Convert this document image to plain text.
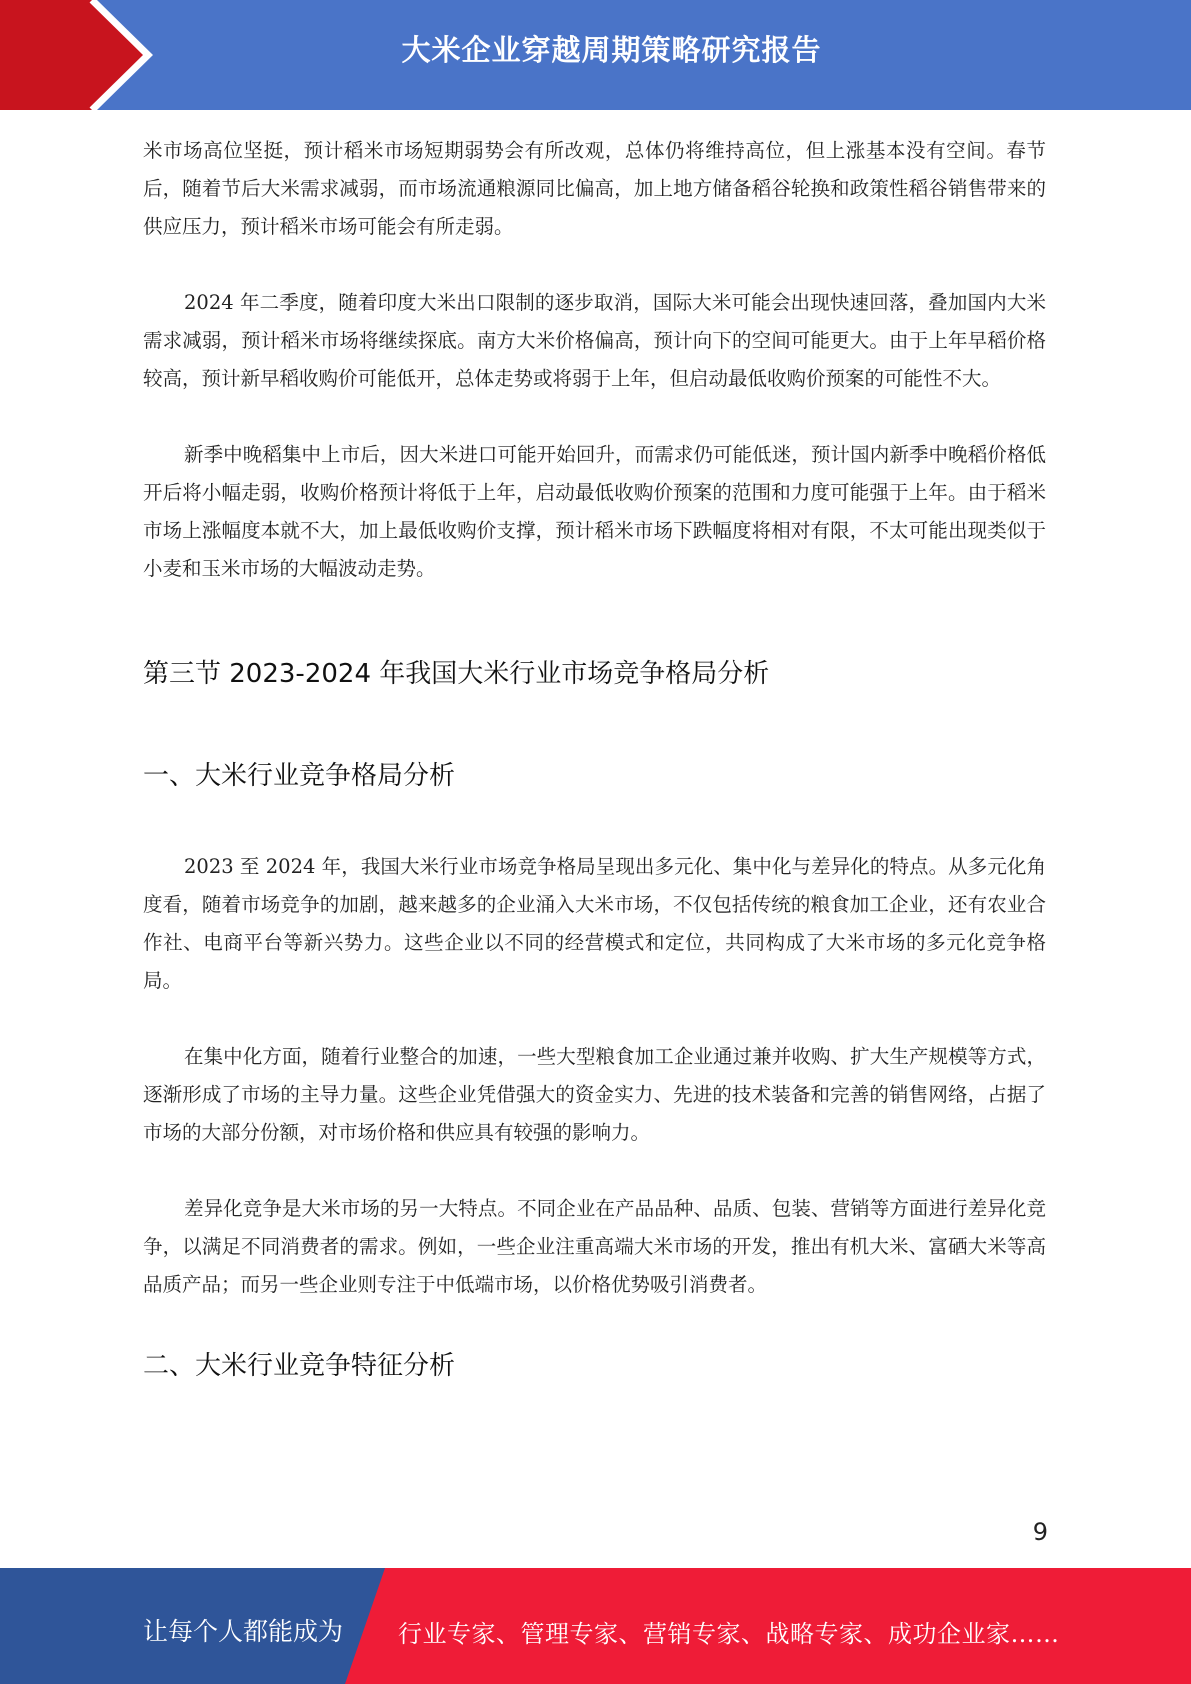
大米企业穿越周期策略研究报告

米市场高位坚挺，预计稻米市场短期弱势会有所改观，总体仍将维持高位，但上涨基本没有空间。春节后，随着节后大米需求减弱，而市场流通粮源同比偏高，加上地方储备稻谷轮换和政策性稻谷销售带来的供应压力，预计稻米市场可能会有所走弱。

2024 年二季度，随着印度大米出口限制的逐步取消，国际大米可能会出现快速回落，叠加国内大米需求减弱，预计稻米市场将继续探底。南方大米价格偏高，预计向下的空间可能更大。由于上年早稻价格较高，预计新早稻收购价可能低开，总体走势或将弱于上年，但启动最低收购价预案的可能性不大。

新季中晚稻集中上市后，因大米进口可能开始回升，而需求仍可能低迷，预计国内新季中晚稻价格低开后将小幅走弱，收购价格预计将低于上年，启动最低收购价预案的范围和力度可能强于上年。由于稻米市场上涨幅度本就不大，加上最低收购价支撑，预计稻米市场下跌幅度将相对有限，不太可能出现类似于小麦和玉米市场的大幅波动走势。

第三节 2023-2024 年我国大米行业市场竞争格局分析
一、大米行业竞争格局分析

2023 至 2024 年，我国大米行业市场竞争格局呈现出多元化、集中化与差异化的特点。从多元化角度看，随着市场竞争的加剧，越来越多的企业涌入大米市场，不仅包括传统的粮食加工企业，还有农业合作社、电商平台等新兴势力。这些企业以不同的经营模式和定位，共同构成了大米市场的多元化竞争格局。

在集中化方面，随着行业整合的加速，一些大型粮食加工企业通过兼并收购、扩大生产规模等方式，逐渐形成了市场的主导力量。这些企业凭借强大的资金实力、先进的技术装备和完善的销售网络，占据了市场的大部分份额，对市场价格和供应具有较强的影响力。

差异化竞争是大米市场的另一大特点。不同企业在产品品种、品质、包装、营销等方面进行差异化竞争，以满足不同消费者的需求。例如，一些企业注重高端大米市场的开发，推出有机大米、富硒大米等高品质产品；而另一些企业则专注于中低端市场，以价格优势吸引消费者。

二、大米行业竞争特征分析
9
让每个人都能成为 行业专家、管理专家、营销专家、战略专家、成功企业家……
